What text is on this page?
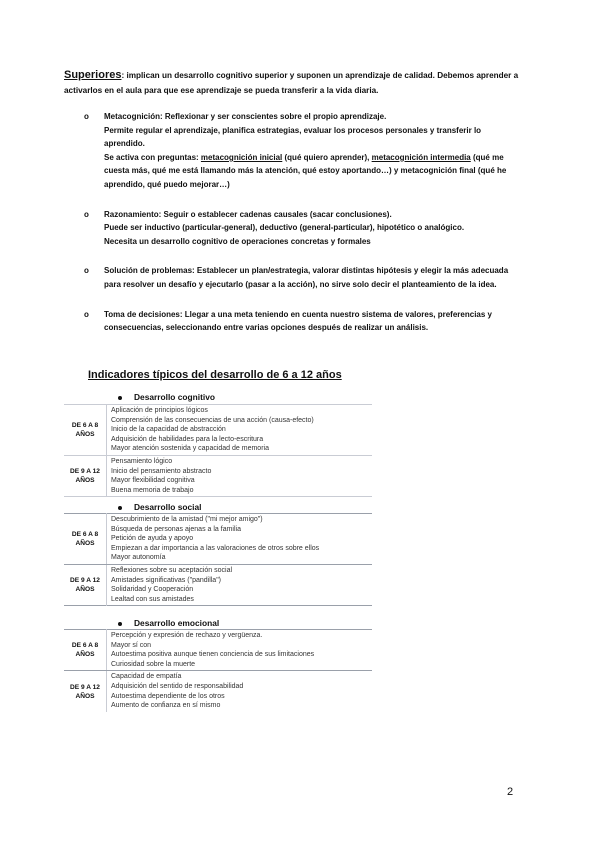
Superiores: implican un desarrollo cognitivo superior y suponen un aprendizaje de calidad. Debemos aprender a activarlos en el aula para que ese aprendizaje se pueda transferir a la vida diaria.
o Metacognición: Reflexionar y ser conscientes sobre el propio aprendizaje.
Permite regular el aprendizaje, planifica estrategias, evaluar los procesos personales y transferir lo aprendido.
Se activa con preguntas: metacognición inicial (qué quiero aprender), metacognición intermedia (qué me cuesta más, qué me está llamando más la atención, qué estoy aportando…) y metacognición final (qué he aprendido, qué puedo mejorar…)
o Razonamiento: Seguir o establecer cadenas causales (sacar conclusiones).
Puede ser inductivo (particular-general), deductivo (general-particular), hipotético o analógico.
Necesita un desarrollo cognitivo de operaciones concretas y formales
o Solución de problemas: Establecer un plan/estrategia, valorar distintas hipótesis y elegir la más adecuada para resolver un desafío y ejecutarlo (pasar a la acción), no sirve solo decir el planteamiento de la idea.
o Toma de decisiones: Llegar a una meta teniendo en cuenta nuestro sistema de valores, preferencias y consecuencias, seleccionando entre varias opciones después de realizar un análisis.
Indicadores típicos del desarrollo de 6 a 12 años
Desarrollo cognitivo
DE 6 A 8 AÑOS	Aplicación de principios lógicos
Comprensión de las consecuencias de una acción (causa-efecto)
Inicio de la capacidad de abstracción
Adquisición de habilidades para la lecto-escritura
Mayor atención sostenida y capacidad de memoria

DE 9 A 12 AÑOS	Pensamiento lógico
Inicio del pensamiento abstracto
Mayor flexibilidad cognitiva
Buena memoria de trabajo
Desarrollo social
DE 6 A 8 AÑOS	Descubrimiento de la amistad ("mi mejor amigo")
Búsqueda de personas ajenas a la familia
Petición de ayuda y apoyo
Empiezan a dar importancia a las valoraciones de otros sobre ellos
Mayor autonomía

DE 9 A 12 AÑOS	Reflexiones sobre su aceptación social
Amistades significativas ("pandilla")
Solidaridad y Cooperación
Lealtad con sus amistades
Desarrollo emocional
DE 6 A 8 AÑOS	Percepción y expresión de rechazo y vergüenza.
Mayor sí con
Autoestima positiva aunque tienen conciencia de sus limitaciones
Curiosidad sobre la muerte

DE 9 A 12 AÑOS	Capacidad de empatía
Adquisición del sentido de responsabilidad
Autoestima dependiente de los otros
Aumento de confianza en sí mismo
2
